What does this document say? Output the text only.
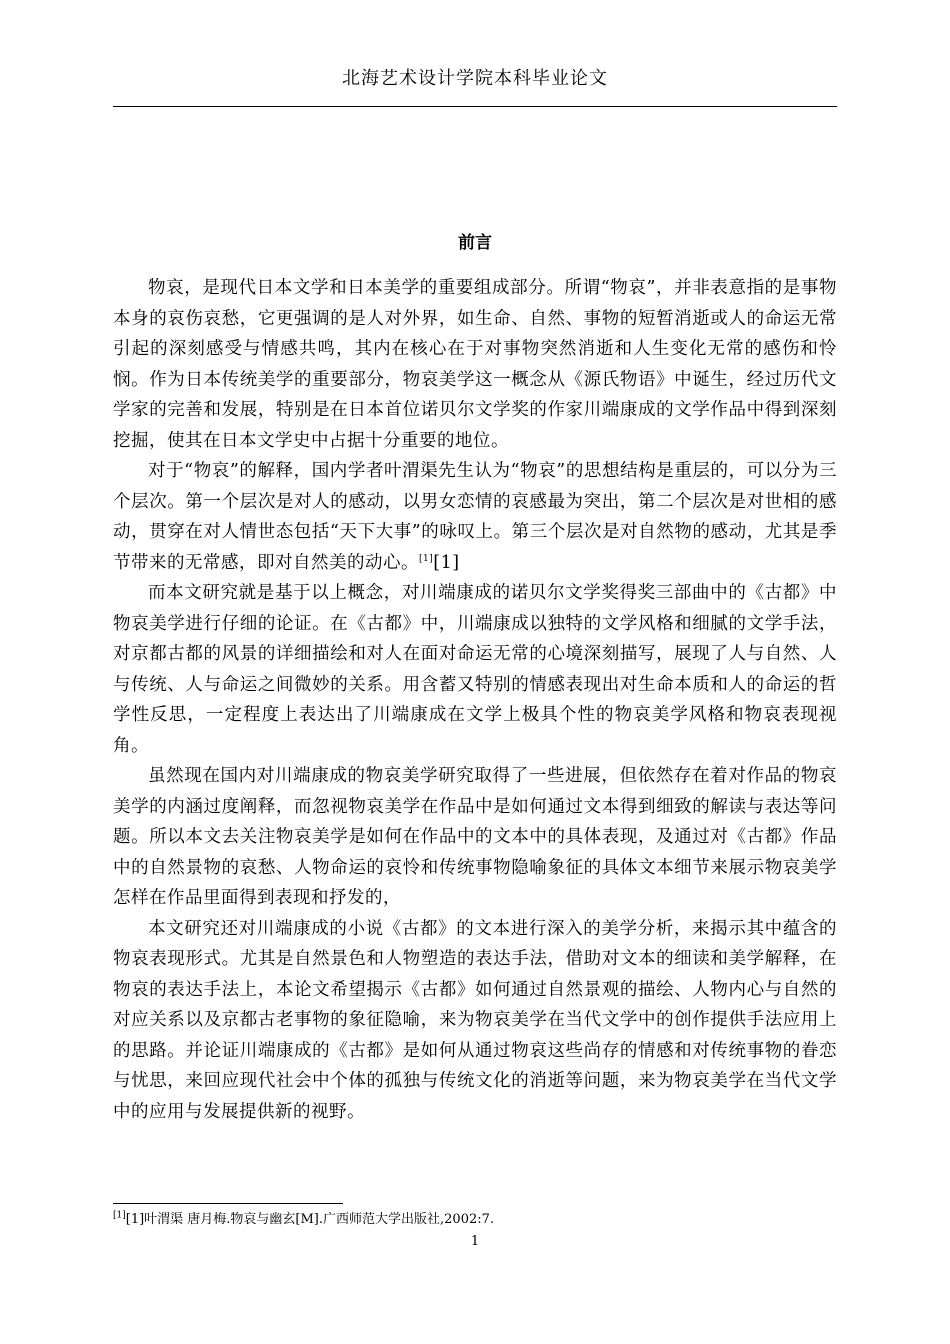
北海艺术设计学院本科毕业论文
前言

物哀，是现代日本文学和日本美学的重要组成部分。所谓“物哀”，并非表意指的是事物本身的哀伤哀愁，它更强调的是人对外界，如生命、自然、事物的短暂消逝或人的命运无常引起的深刻感受与情感共鸣，其内在核心在于对事物突然消逝和人生变化无常的感伤和怜悯。作为日本传统美学的重要部分，物哀美学这一概念从《源氏物语》中诞生，经过历代文学家的完善和发展，特别是在日本首位诺贝尔文学奖的作家川端康成的文学作品中得到深刻挖掘，使其在日本文学史中占据十分重要的地位。

对于“物哀”的解释，国内学者叶渭渠先生认为“物哀”的思想结构是重层的，可以分为三个层次。第一个层次是对人的感动，以男女恋情的哀感最为突出，第二个层次是对世相的感动，贯穿在对人情世态包括“天下大事”的咏叹上。第三个层次是对自然物的感动，尤其是季节带来的无常感，即对自然美的动心。[1][1]

而本文研究就是基于以上概念，对川端康成的诺贝尔文学奖得奖三部曲中的《古都》中物哀美学进行仔细的论证。在《古都》中，川端康成以独特的文学风格和细腻的文学手法，对京都古都的风景的详细描绘和对人在面对命运无常的心境深刻描写，展现了人与自然、人与传统、人与命运之间微妙的关系。用含蓄又特别的情感表现出对生命本质和人的命运的哲学性反思，一定程度上表达出了川端康成在文学上极具个性的物哀美学风格和物哀表现视角。

虽然现在国内对川端康成的物哀美学研究取得了一些进展，但依然存在着对作品的物哀美学的内涵过度阐释，而忽视物哀美学在作品中是如何通过文本得到细致的解读与表达等问题。所以本文去关注物哀美学是如何在作品中的文本中的具体表现，及通过对《古都》作品中的自然景物的哀愁、人物命运的哀怜和传统事物隐喻象征的具体文本细节来展示物哀美学怎样在作品里面得到表现和抒发的，

本文研究还对川端康成的小说《古都》的文本进行深入的美学分析，来揭示其中蕴含的物哀表现形式。尤其是自然景色和人物塑造的表达手法，借助对文本的细读和美学解释，在物哀的表达手法上，本论文希望揭示《古都》如何通过自然景观的描绘、人物内心与自然的对应关系以及京都古老事物的象征隐喻，来为物哀美学在当代文学中的创作提供手法应用上的思路。并论证川端康成的《古都》是如何从通过物哀这些尚存的情感和对传统事物的眷恋与忧思，来回应现代社会中个体的孤独与传统文化的消逝等问题，来为物哀美学在当代文学中的应用与发展提供新的视野。

[1][1]叶渭渠 唐月梅.物哀与幽玄[M].广西师范大学出版社,2002:7.
1
